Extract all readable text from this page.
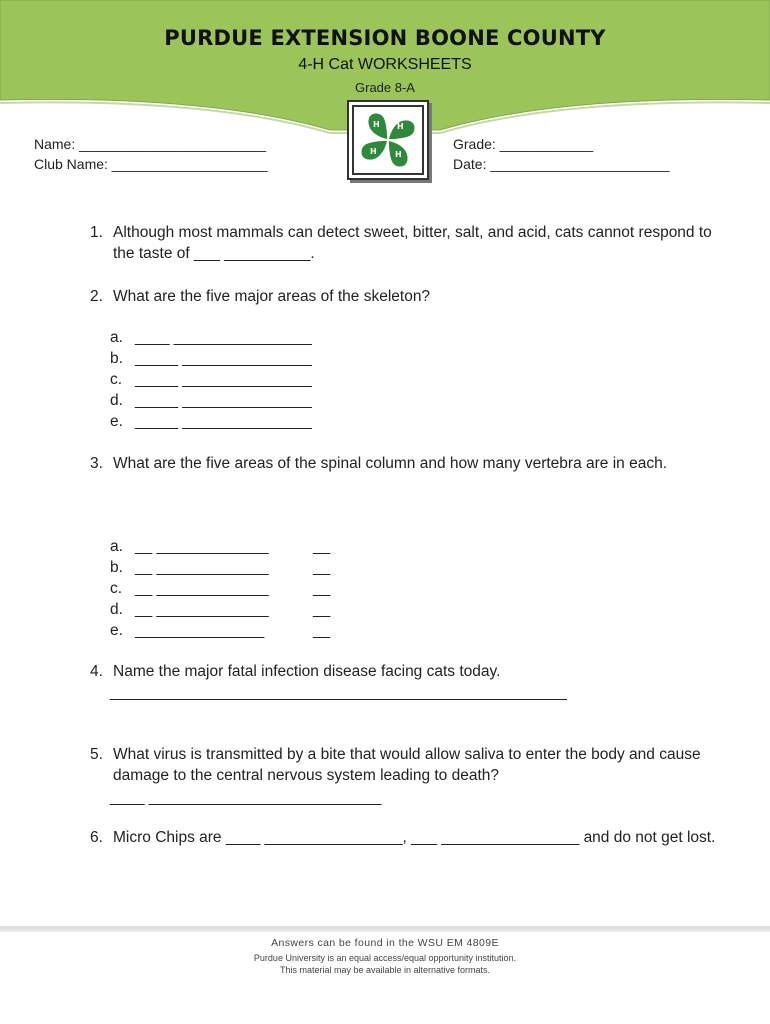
PURDUE EXTENSION BOONE COUNTY
4-H Cat WORKSHEETS
Grade 8-A
H H
H
H
Name: ________________________
Club Name: ____________________
Grade: ____________
Date: _______________________
1. Although most mammals can detect sweet, bitter, salt, and acid, cats cannot respond to the taste of ___ __________.
2. What are the five major areas of the skeleton?
a. ____ ________________
b. _____ _______________
c. _____ _______________
d. _____ _______________
e. _____ _______________
3. What are the five areas of the spinal column and how many vertebra are in each.
a. __ _____________	__
b. __ _____________	__
c. __ _____________	__
d. __ _____________	__
e. _______________	__
4. Name the major fatal infection disease facing cats today.
_____________________________________________________
5. What virus is transmitted by a bite that would allow saliva to enter the body and cause damage to the central nervous system leading to death?
____ ___________________________
6. Micro Chips are ____ ________________, ___ ________________ and do not get lost.
Answers can be found in the WSU EM 4809E
Purdue University is an equal access/equal opportunity institution.
This material may be available in alternative formats.
